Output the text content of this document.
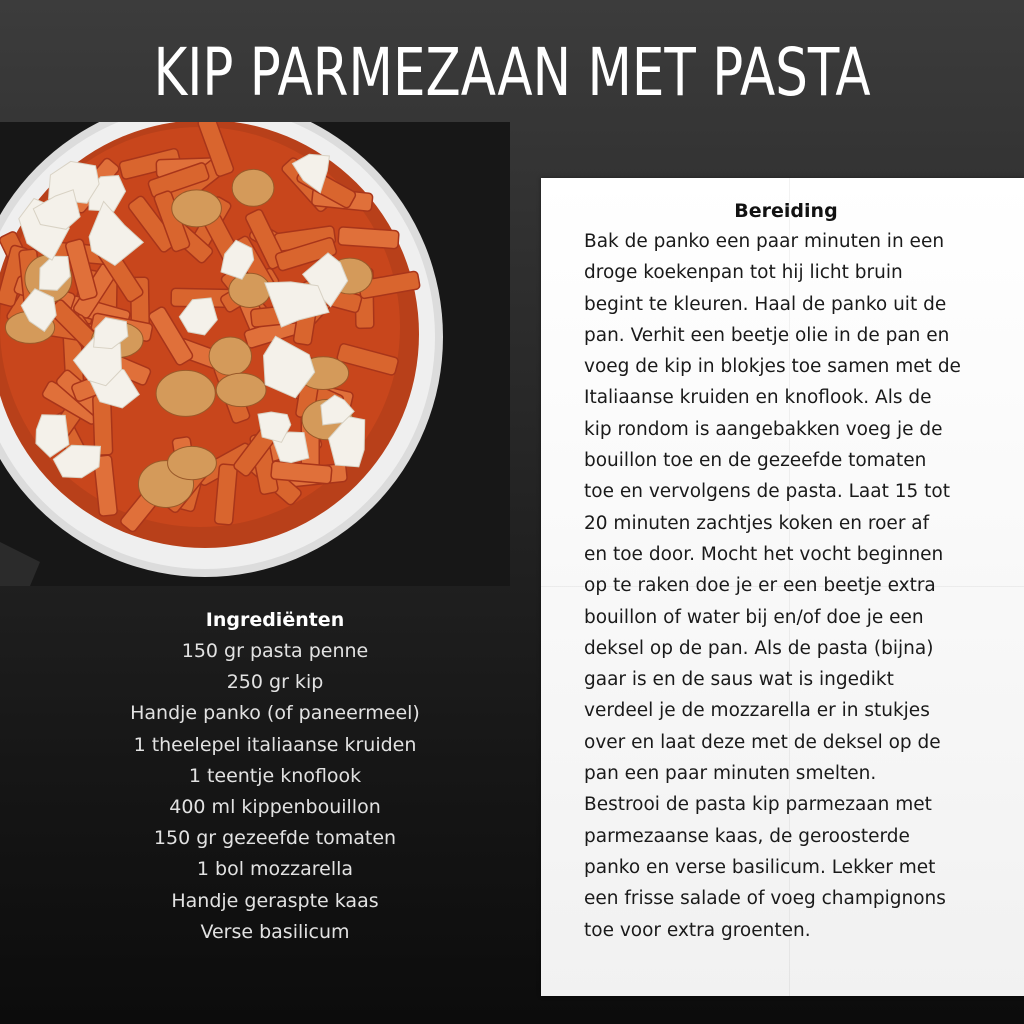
KIP PARMEZAAN MET PASTA
Ingrediënten
150 gr pasta penne
250 gr kip
Handje panko (of paneermeel)
1 theelepel italiaanse kruiden
1 teentje knoflook
400 ml kippenbouillon
150 gr gezeefde tomaten
1 bol mozzarella
Handje geraspte kaas
Verse basilicum
Bereiding
Bak de panko een paar minuten in een
droge koekenpan tot hij licht bruin
begint te kleuren. Haal de panko uit de
pan. Verhit een beetje olie in de pan en
voeg de kip in blokjes toe samen met de
Italiaanse kruiden en knoflook. Als de
kip rondom is aangebakken voeg je de
bouillon toe en de gezeefde tomaten
toe en vervolgens de pasta. Laat 15 tot
20 minuten zachtjes koken en roer af
en toe door. Mocht het vocht beginnen
op te raken doe je er een beetje extra
bouillon of water bij en/of doe je een
deksel op de pan. Als de pasta (bijna)
gaar is en de saus wat is ingedikt
verdeel je de mozzarella er in stukjes
over en laat deze met de deksel op de
pan een paar minuten smelten.
Bestrooi de pasta kip parmezaan met
parmezaanse kaas, de geroosterde
panko en verse basilicum. Lekker met
een frisse salade of voeg champignons
toe voor extra groenten.
